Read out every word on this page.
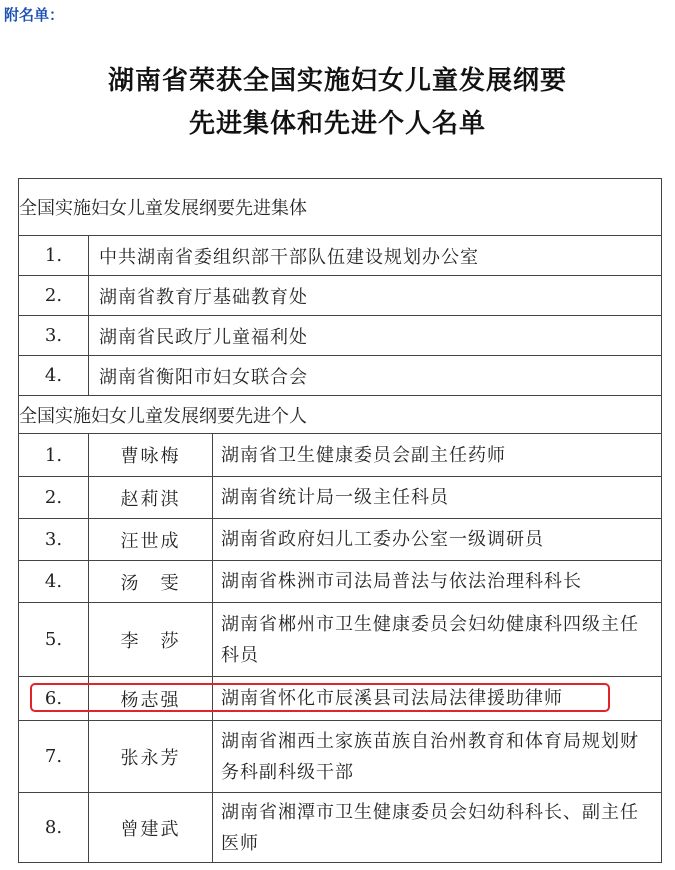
附名单：

湖南省荣获全国实施妇女儿童发展纲要
先进集体和先进个人名单
全国实施妇女儿童发展纲要先进集体		
1.	中共湖南省委组织部干部队伍建设规划办公室	
2.	湖南省教育厅基础教育处	
3.	湖南省民政厅儿童福利处	
4.	湖南省衡阳市妇女联合会	
全国实施妇女儿童发展纲要先进个人		
1.	曹咏梅	湖南省卫生健康委员会副主任药师
2.	赵莉淇	湖南省统计局一级主任科员
3.	汪世成	湖南省政府妇儿工委办公室一级调研员
4.	汤　雯	湖南省株洲市司法局普法与依法治理科科长
5.	李　莎	湖南省郴州市卫生健康委员会妇幼健康科四级主任科员
6.	杨志强	湖南省怀化市辰溪县司法局法律援助律师
7.	张永芳	湖南省湘西土家族苗族自治州教育和体育局规划财务科副科级干部
8.	曾建武	湖南省湘潭市卫生健康委员会妇幼科科长、副主任医师
